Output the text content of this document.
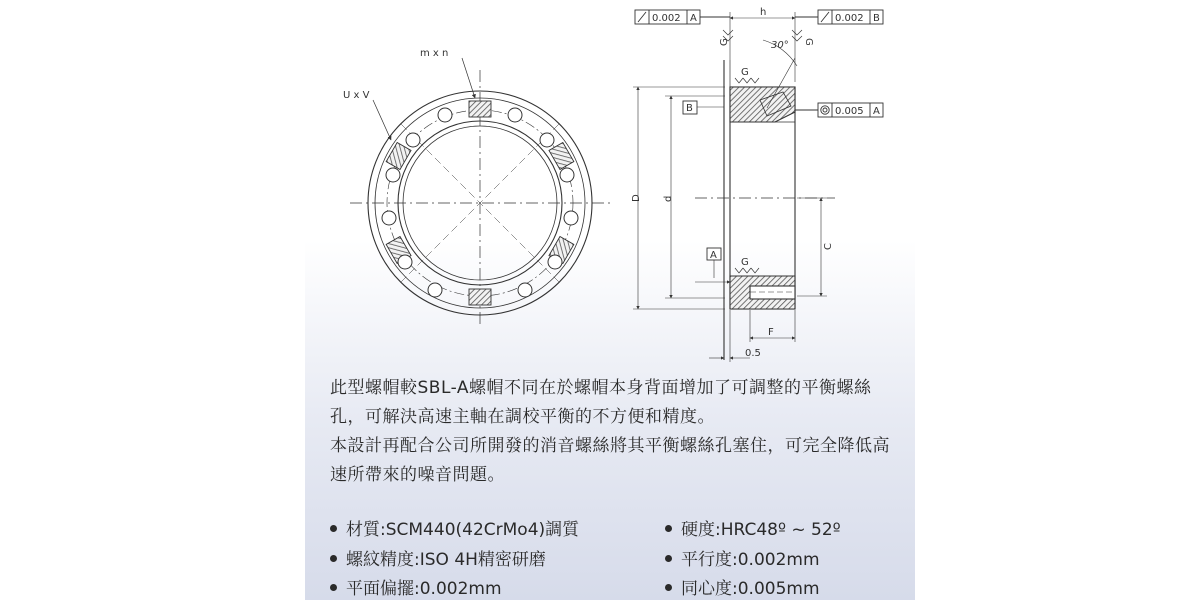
m x n
U x V
h
D d
C
F
0.5
30°
G
G
G	G
A
B
0.002 A	0.002 B
0.005 A

此型螺帽較SBL-A螺帽不同在於螺帽本身背面增加了可調整的平衡螺絲孔，可解決高速主軸在調校平衡的不方便和精度。

本設計再配合公司所開發的消音螺絲將其平衡螺絲孔塞住，可完全降低高速所帶來的噪音問題。

材質:SCM440(42CrMo4)調質	硬度:HRC48º ~ 52º
螺紋精度:ISO 4H精密研磨	平行度:0.002mm
平面偏擺:0.002mm	同心度:0.005mm
